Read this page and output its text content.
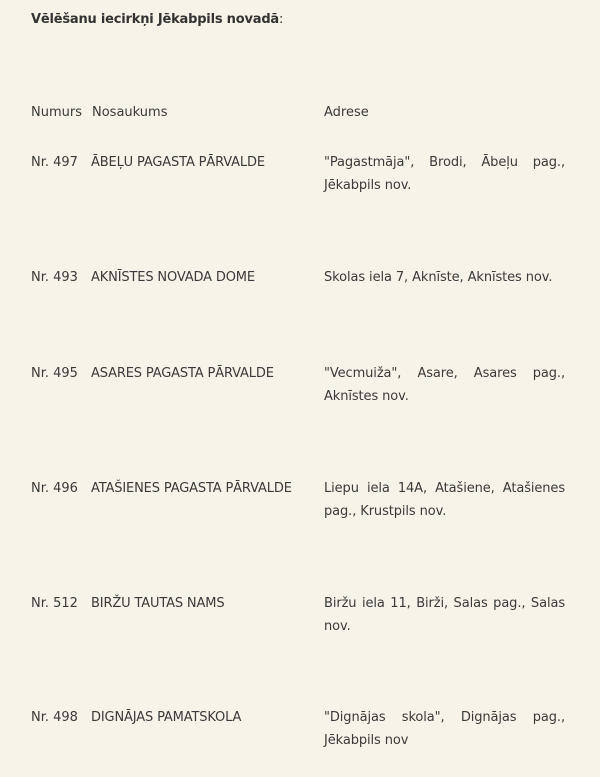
Vēlēšanu iecirkņi Jēkabpils novadā:
Numurs Nosaukums	Adrese
Nr. 497	ĀBEĻU PAGASTA PĀRVALDE	"Pagastmāja", Brodi, Ābeļu pag., Jēkabpils nov.
Nr. 493	AKNĪSTES NOVADA DOME	Skolas iela 7, Aknīste, Aknīstes nov.
Nr. 495	ASARES PAGASTA PĀRVALDE	"Vecmuiža", Asare, Asares pag., Aknīstes nov.
Nr. 496	ATAŠIENES PAGASTA PĀRVALDE	Liepu iela 14A, Atašiene, Atašienes pag., Krustpils nov.
Nr. 512	BIRŽU TAUTAS NAMS	Biržu iela 11, Birži, Salas pag., Salas nov.
Nr. 498	DIGNĀJAS PAMATSKOLA	"Dignājas skola", Dignājas pag., Jēkabpils nov
